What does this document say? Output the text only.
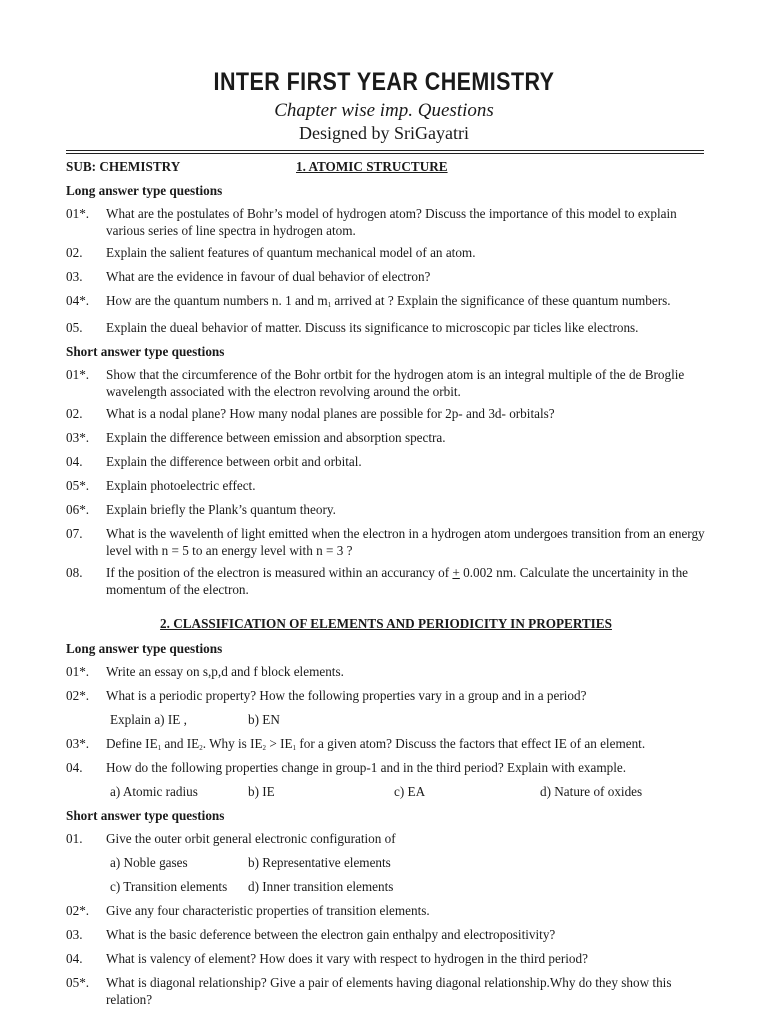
INTER FIRST YEAR CHEMISTRY
Chapter wise imp. Questions
Designed by SriGayatri
SUB: CHEMISTRY	1. ATOMIC STRUCTURE
Long answer type questions
01*. What are the postulates of Bohr’s model of hydrogen atom? Discuss the importance of this model to explain various series of line spectra in hydrogen atom.
02. Explain the salient features of quantum mechanical model of an atom.
03. What are the evidence in favour of dual behavior of electron?
04*. How are the quantum numbers n. 1 and $m_1$ arrived at ? Explain the significance of these quantum numbers.
05. Explain the dueal behavior of matter. Discuss its significance to microscopic par ticles like electrons.
Short answer type questions
01*. Show that the circumference of the Bohr ortbit for the hydrogen atom is an integral multiple of the de Broglie wavelength associated with the electron revolving around the orbit.
02. What is a nodal plane? How many nodal planes are possible for 2p- and 3d- orbitals?
03*. Explain the difference between emission and absorption spectra.
04. Explain the difference between orbit and orbital.
05*. Explain photoelectric effect.
06*. Explain briefly the Plank’s quantum theory.
07. What is the wavelenth of light emitted when the electron in a hydrogen atom undergoes transition from an energy level with n = 5 to an energy level with n = 3 ?
08. If the position of the electron is measured within an accurancy of + 0.002 nm. Calculate the uncertainity in the momentum of the electron.
2. CLASSIFICATION OF ELEMENTS AND PERIODICITY IN PROPERTIES
Long answer type questions
01*. Write an essay on s,p,d and f block elements.
02*. What is a periodic property? How the following properties vary in a group and in a period?
Explain a) IE ,	b) EN
03*. Define $IE_1$ and $IE_2$. Why is $IE_2 > IE_1$ for a given atom? Discuss the factors that effect IE of an element.
04. How do the following properties change in group-1 and in the third period? Explain with example.
a) Atomic radius	b) IE	c) EA	d) Nature of oxides
Short answer type questions
01. Give the outer orbit general electronic configuration of
a) Noble gases	b) Representative elements
c) Transition elements d) Inner transition elements
02*. Give any four characteristic properties of transition elements.
03. What is the basic deference between the electron gain enthalpy and electropositivity?
04. What is valency of element? How does it vary with respect to hydrogen in the third period?
05*. What is diagonal relationship? Give a pair of elements having diagonal relationship.Why do they show this relation?
